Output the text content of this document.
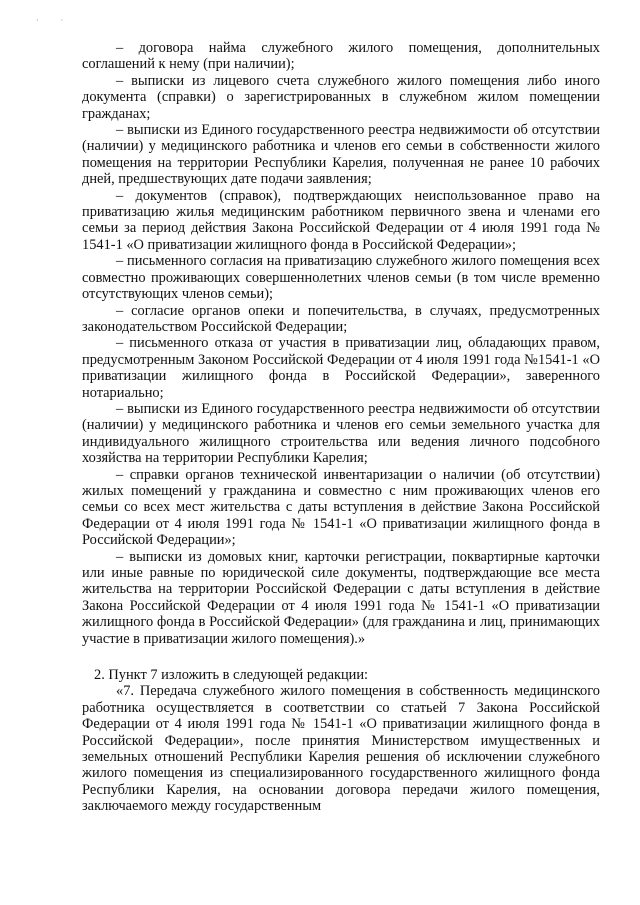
· ·

– договора найма служебного жилого помещения, дополнительных соглашений к нему (при наличии);

– выписки из лицевого счета служебного жилого помещения либо иного документа (справки) о зарегистрированных в служебном жилом помещении гражданах;

– выписки из Единого государственного реестра недвижимости об отсутствии (наличии) у медицинского работника и членов его семьи в собственности жилого помещения на территории Республики Карелия, полученная не ранее 10 рабочих дней, предшествующих дате подачи заявления;

– документов (справок), подтверждающих неиспользованное право на приватизацию жилья медицинским работником первичного звена и членами его семьи за период действия Закона Российской Федерации от 4 июля 1991 года № 1541-1 «О приватизации жилищного фонда в Российской Федерации»;

– письменного согласия на приватизацию служебного жилого помещения всех совместно проживающих совершеннолетних членов семьи (в том числе временно отсутствующих членов семьи);

– согласие органов опеки и попечительства, в случаях, предусмотренных законодательством Российской Федерации;

– письменного отказа от участия в приватизации лиц, обладающих правом, предусмотренным Законом Российской Федерации от 4 июля 1991 года №1541-1 «О приватизации жилищного фонда в Российской Федерации», заверенного нотариально;

– выписки из Единого государственного реестра недвижимости об отсутствии (наличии) у медицинского работника и членов его семьи земельного участка для индивидуального жилищного строительства или ведения личного подсобного хозяйства на территории Республики Карелия;

– справки органов технической инвентаризации о наличии (об отсутствии) жилых помещений у гражданина и совместно с ним проживающих членов его семьи со всех мест жительства с даты вступления в действие Закона Российской Федерации от 4 июля 1991 года № 1541-1 «О приватизации жилищного фонда в Российской Федерации»;

– выписки из домовых книг, карточки регистрации, поквартирные карточки или иные равные по юридической силе документы, подтверждающие все места жительства на территории Российской Федерации с даты вступления в действие Закона Российской Федерации от 4 июля 1991 года № 1541-1 «О приватизации жилищного фонда в Российской Федерации» (для гражданина и лиц, принимающих участие в приватизации жилого помещения).»

2. Пункт 7 изложить в следующей редакции:

«7. Передача служебного жилого помещения в собственность медицинского работника осуществляется в соответствии со статьей 7 Закона Российской Федерации от 4 июля 1991 года № 1541-1 «О приватизации жилищного фонда в Российской Федерации», после принятия Министерством имущественных и земельных отношений Республики Карелия решения об исключении служебного жилого помещения из специализированного государственного жилищного фонда Республики Карелия, на основании договора передачи жилого помещения, заключаемого между государственным
